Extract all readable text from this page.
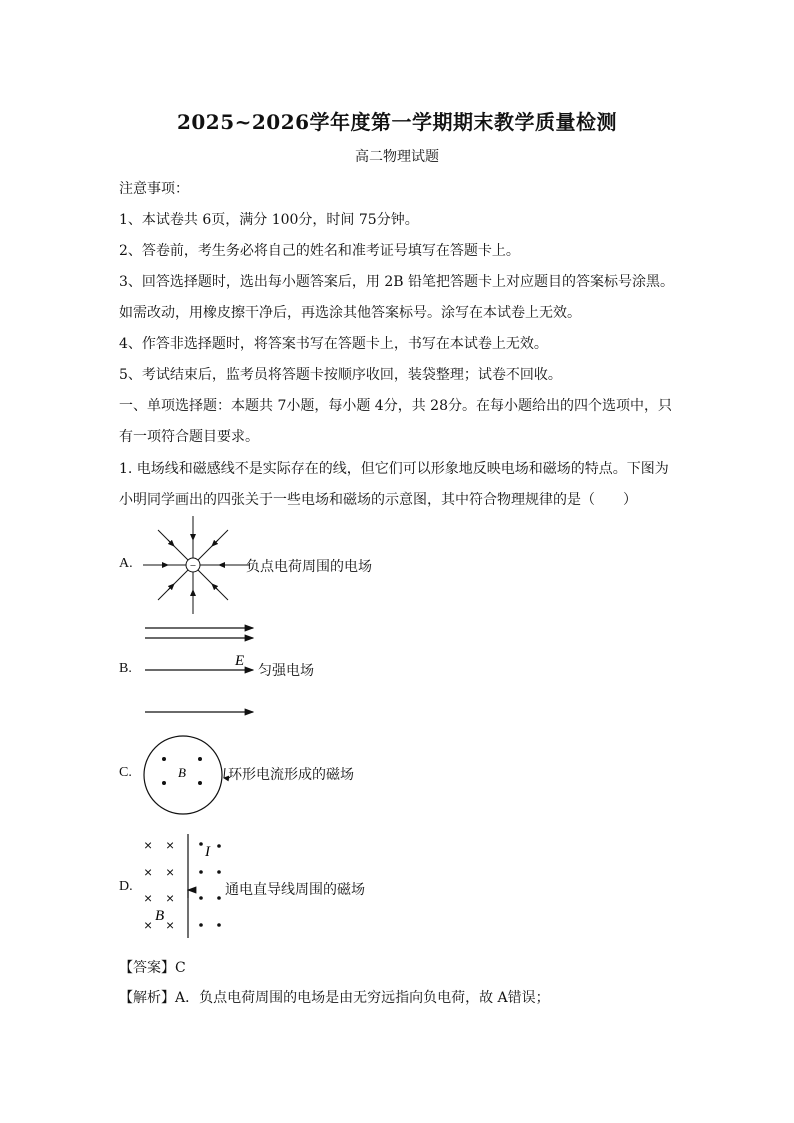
2025~2026学年度第一学期期末教学质量检测
高二物理试题
注意事项：
1、本试卷共 6页，满分 100分，时间 75分钟。
2、答卷前，考生务必将自己的姓名和准考证号填写在答题卡上。
3、回答选择题时，选出每小题答案后，用 2B 铅笔把答题卡上对应题目的答案标号涂黑。
如需改动，用橡皮擦干净后，再选涂其他答案标号。涂写在本试卷上无效。
4、作答非选择题时，将答案书写在答题卡上，书写在本试卷上无效。
5、考试结束后，监考员将答题卡按顺序收回，装袋整理；试卷不回收。
一、单项选择题：本题共 7小题，每小题 4分，共 28分。在每小题给出的四个选项中，只
有一项符合题目要求。
1. 电场线和磁感线不是实际存在的线，但它们可以形象地反映电场和磁场的特点。下图为
小明同学画出的四张关于一些电场和磁场的示意图，其中符合物理规律的是（　　）
A.	−	负点电荷周围的电场
B.	E
匀强电场
C.	B	环形电流形成的磁场
D.
× ×
× ×
× ×
× ×
I
B
通电直导线周围的磁场
【答案】C
【解析】A．负点电荷周围的电场是由无穷远指向负电荷，故 A错误；
